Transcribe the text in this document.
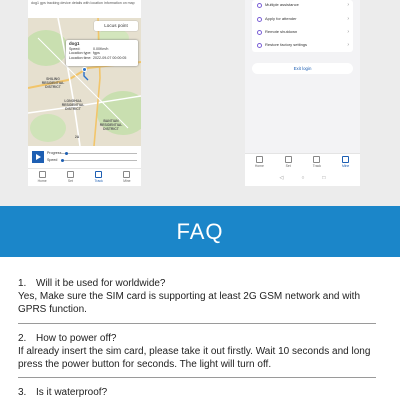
dog1 gps tracking device details with location information on map
Locus point
dog1
Speed:	0.00Km/h
Location type: fgps
Location time: 2022-09-07 00:00:05
SHILING RESIDENTIAL DISTRICT
LONGHUA RESIDENTIAL DISTRICT
BANTIAN RESIDENTIAL DISTRICT
2A
Progress
Speed
Home	Set	Track	Mine
Multiple assistance	›
Apply for attender	›
Remote shutdown	›
Restore factory settings	›
Exit login
Home	Set	Track	Mine
◁	○	□
FAQ
1. Will it be used for worldwide?
Yes, Make sure the SIM card is supporting at least 2G GSM network and with GPRS function.
2. How to power off?
If already insert the sim card, please take it out firstly. Wait 10 seconds and long press the power button for seconds. The light will turn off.
3. Is it waterproof?
